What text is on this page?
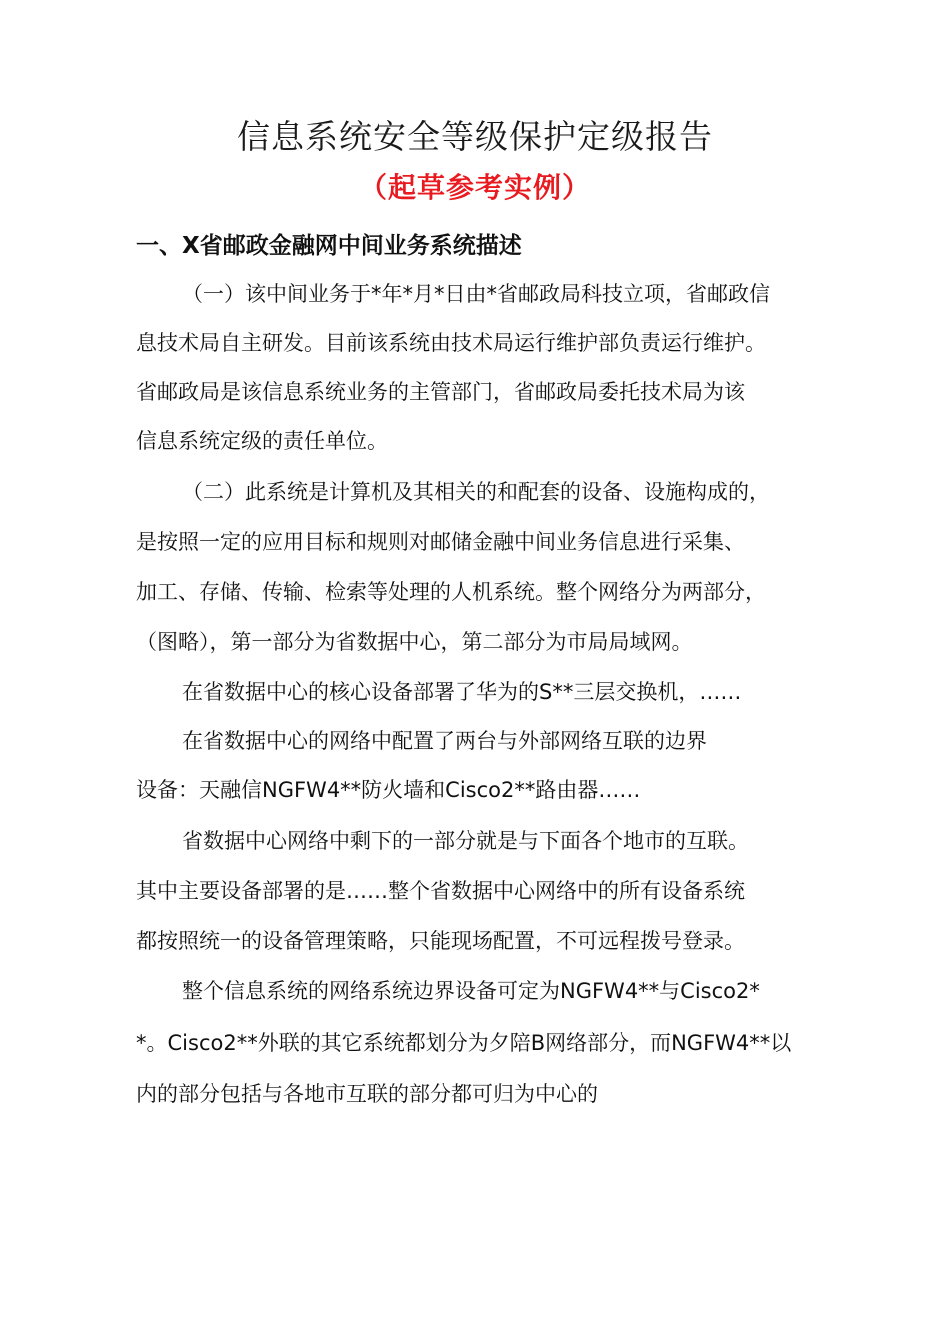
信息系统安全等级保护定级报告
（起草参考实例）
一、X省邮政金融网中间业务系统描述
（一）该中间业务于*年*月*日由*省邮政局科技立项，省邮政信
息技术局自主研发。目前该系统由技术局运行维护部负责运行维护。
省邮政局是该信息系统业务的主管部门，省邮政局委托技术局为该
信息系统定级的责任单位。
（二）此系统是计算机及其相关的和配套的设备、设施构成的，
是按照一定的应用目标和规则对邮储金融中间业务信息进行采集、
加工、存储、传输、检索等处理的人机系统。整个网络分为两部分，
（图略），第一部分为省数据中心，第二部分为市局局域网。
在省数据中心的核心设备部署了华为的S**三层交换机，……
在省数据中心的网络中配置了两台与外部网络互联的边界
设备：天融信NGFW4**防火墙和Cisco2**路由器……
省数据中心网络中剩下的一部分就是与下面各个地市的互联。
其中主要设备部署的是……整个省数据中心网络中的所有设备系统
都按照统一的设备管理策略，只能现场配置，不可远程拨号登录。
整个信息系统的网络系统边界设备可定为NGFW4**与Cisco2*
*。Cisco2**外联的其它系统都划分为夕陪B网络部分，而NGFW4**以
内的部分包括与各地市互联的部分都可归为中心的
